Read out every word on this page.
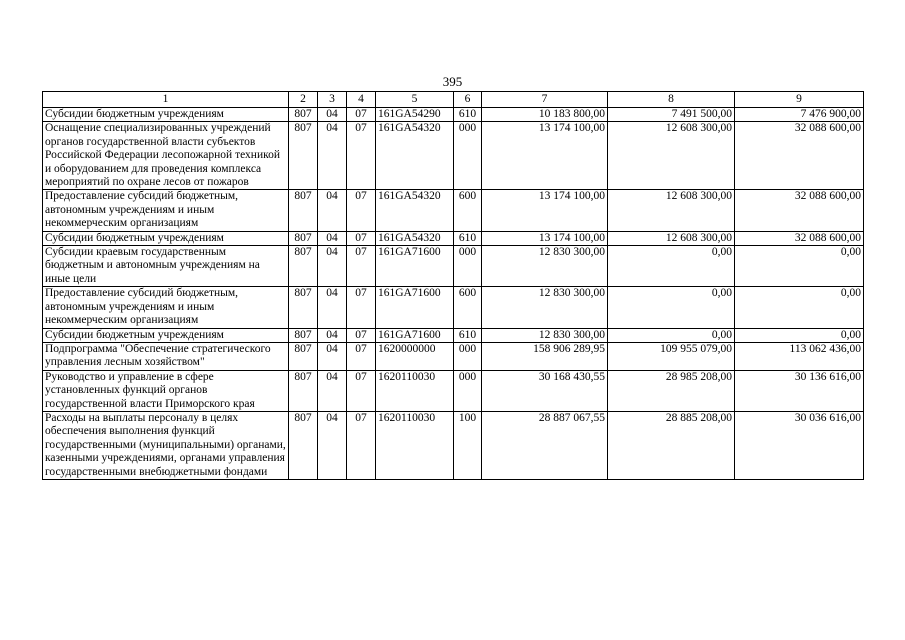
395
1	2	3	4	5	6	7	8	9
Субсидии бюджетным учреждениям	807	04	07	161GA54290	610	10 183 800,00	7 491 500,00	7 476 900,00
Оснащение специализированных учреждений органов государственной власти субъектов Российской Федерации лесопожарной техникой и оборудованием для проведения комплекса мероприятий по охране лесов от пожаров	807	04	07	161GA54320	000	13 174 100,00	12 608 300,00	32 088 600,00
Предоставление субсидий бюджетным, автономным учреждениям и иным некоммерческим организациям	807	04	07	161GA54320	600	13 174 100,00	12 608 300,00	32 088 600,00
Субсидии бюджетным учреждениям	807	04	07	161GA54320	610	13 174 100,00	12 608 300,00	32 088 600,00
Субсидии краевым государственным бюджетным и автономным учреждениям на иные цели	807	04	07	161GA71600	000	12 830 300,00	0,00	0,00
Предоставление субсидий бюджетным, автономным учреждениям и иным некоммерческим организациям	807	04	07	161GA71600	600	12 830 300,00	0,00	0,00
Субсидии бюджетным учреждениям	807	04	07	161GA71600	610	12 830 300,00	0,00	0,00
Подпрограмма "Обеспечение стратегического управления лесным хозяйством"	807	04	07	1620000000	000	158 906 289,95	109 955 079,00	113 062 436,00
Руководство и управление в сфере установленных функций органов государственной власти Приморского края	807	04	07	1620110030	000	30 168 430,55	28 985 208,00	30 136 616,00
Расходы на выплаты персоналу в целях обеспечения выполнения функций государственными (муниципальными) органами, казенными учреждениями, органами управления государственными внебюджетными фондами	807	04	07	1620110030	100	28 887 067,55	28 885 208,00	30 036 616,00
